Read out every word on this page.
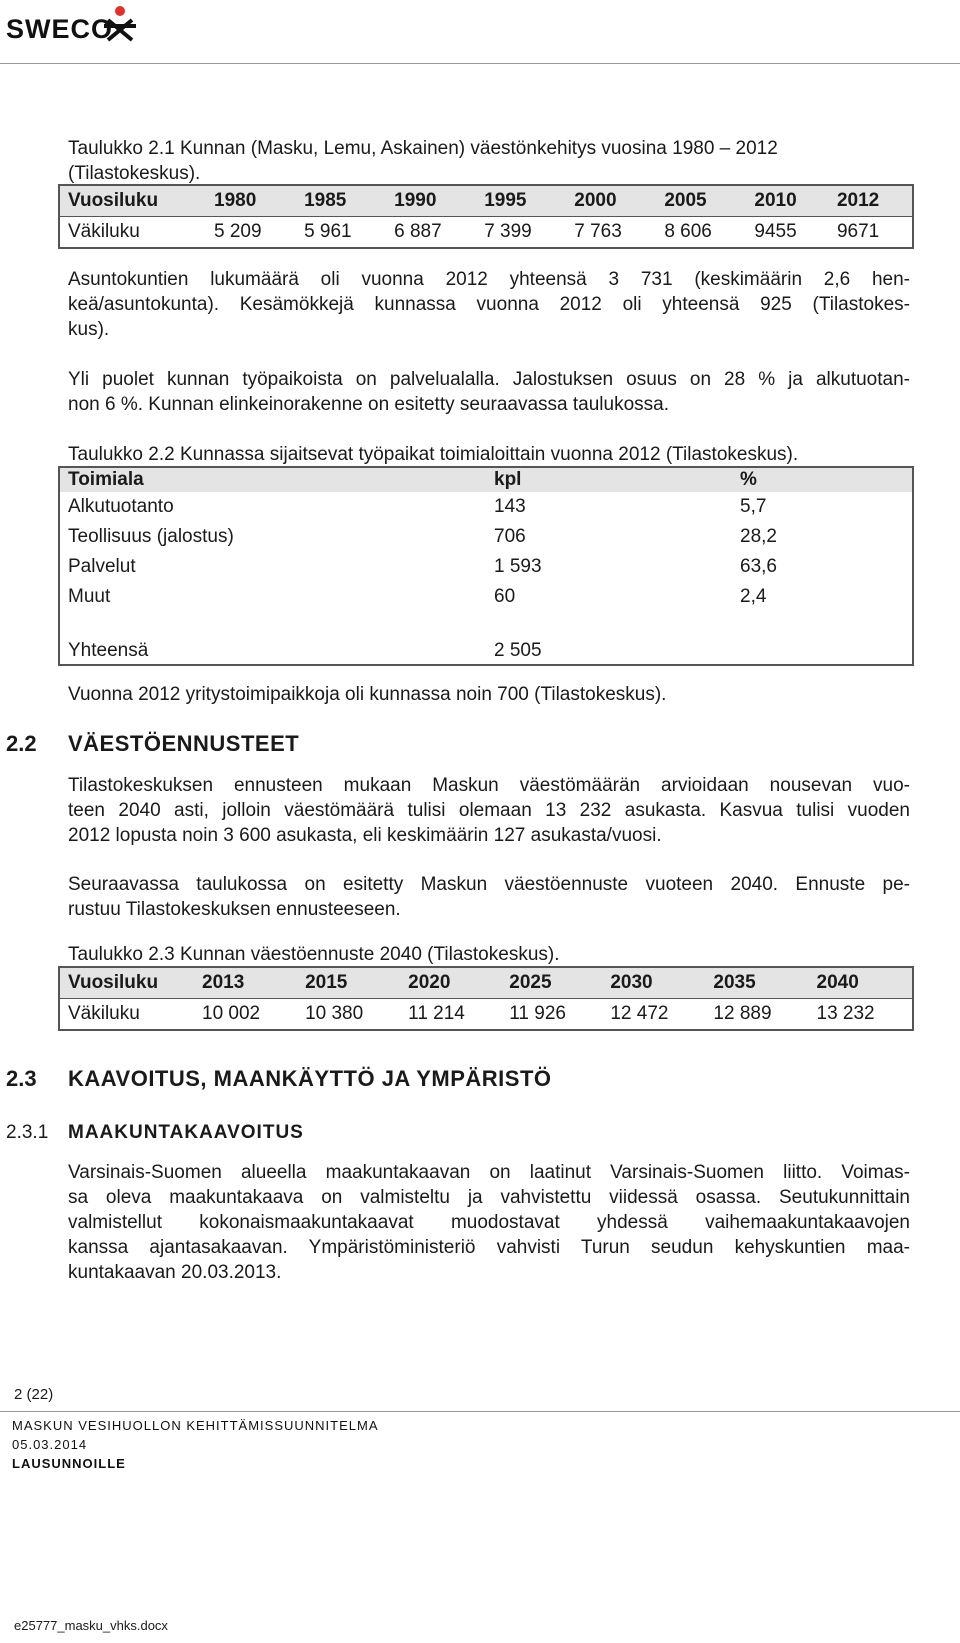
SWECO
Taulukko 2.1 Kunnan (Masku, Lemu, Askainen) väestönkehitys vuosina 1980 – 2012 (Tilastokeskus).
Vuosiluku	1980	1985	1990	1995	2000	2005	2010	2012
Väkiluku	5 209	5 961	6 887	7 399	7 763	8 606	9455	9671
Asuntokuntien lukumäärä oli vuonna 2012 yhteensä 3 731 (keskimäärin 2,6 hen-
keä/asuntokunta). Kesämökkejä kunnassa vuonna 2012 oli yhteensä 925 (Tilastokes-
kus).
Yli puolet kunnan työpaikoista on palvelualalla. Jalostuksen osuus on 28 % ja alkutuotan-
non 6 %. Kunnan elinkeinorakenne on esitetty seuraavassa taulukossa.
Taulukko 2.2 Kunnassa sijaitsevat työpaikat toimialoittain vuonna 2012 (Tilastokeskus).
Toimiala	kpl	%
Alkutuotanto	143	5,7
Teollisuus (jalostus)	706	28,2
Palvelut	1 593	63,6
Muut	60	2,4
Yhteensä	2 505	
Vuonna 2012 yritystoimipaikkoja oli kunnassa noin 700 (Tilastokeskus).
2.2 VÄESTÖENNUSTEET
Tilastokeskuksen ennusteen mukaan Maskun väestömäärän arvioidaan nousevan vuo-
teen 2040 asti, jolloin väestömäärä tulisi olemaan 13 232 asukasta. Kasvua tulisi vuoden
2012 lopusta noin 3 600 asukasta, eli keskimäärin 127 asukasta/vuosi.
Seuraavassa taulukossa on esitetty Maskun väestöennuste vuoteen 2040. Ennuste pe-
rustuu Tilastokeskuksen ennusteeseen.
Taulukko 2.3 Kunnan väestöennuste 2040 (Tilastokeskus).
Vuosiluku	2013	2015	2020	2025	2030	2035	2040
Väkiluku	10 002	10 380	11 214	11 926	12 472	12 889	13 232
2.3 KAAVOITUS, MAANKÄYTTÖ JA YMPÄRISTÖ
2.3.1 MAAKUNTAKAAVOITUS
Varsinais-Suomen alueella maakuntakaavan on laatinut Varsinais-Suomen liitto. Voimas-
sa oleva maakuntakaava on valmisteltu ja vahvistettu viidessä osassa. Seutukunnittain
valmistellut kokonaismaakuntakaavat muodostavat yhdessä vaihemaakuntakaavojen
kanssa ajantasakaavan. Ympäristöministeriö vahvisti Turun seudun kehyskuntien maa-
kuntakaavan 20.03.2013.
2 (22)
MASKUN VESIHUOLLON KEHITTÄMISSUUNNITELMA
05.03.2014
LAUSUNNOILLE
e25777_masku_vhks.docx
